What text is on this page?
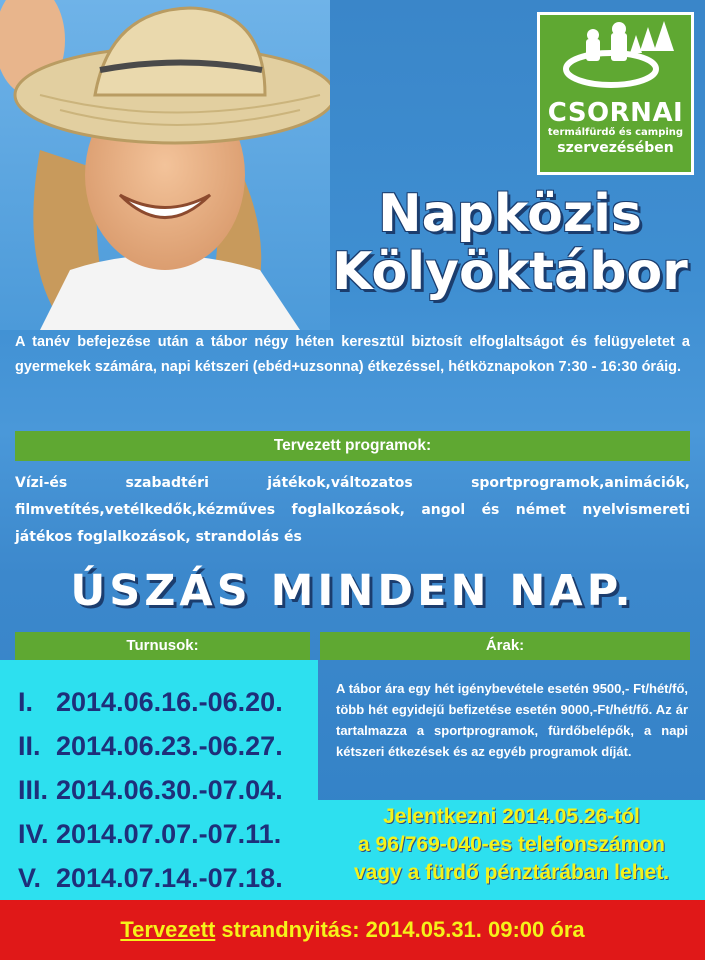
CSORNAI
termálfürdő és camping
szervezésében
Napközis
Kölyöktábor
A tanév befejezése után a tábor négy héten keresztül biztosít elfoglaltságot és felügyeletet a gyermekek számára, napi kétszeri (ebéd+uzsonna) étkezéssel, hétköznapokon 7:30 - 16:30 óráig.
Tervezett programok:
Vízi-és szabadtéri játékok,változatos sportprogramok,animációk, filmvetítés,vetélkedők,kézműves foglalkozások, angol és német nyelvismereti játékos foglalkozások, strandolás és
ÚSZÁS MINDEN NAP.
Turnusok:	Árak:
I. 2014.06.16.-06.20.
II. 2014.06.23.-06.27.
III. 2014.06.30.-07.04.
IV. 2014.07.07.-07.11.
V. 2014.07.14.-07.18.
A tábor ára egy hét igénybevétele esetén 9500,- Ft/hét/fő, több hét egyidejű befizetése esetén 9000,-Ft/hét/fő. Az ár tartalmazza a sportprogramok, fürdőbelépők, a napi kétszeri étkezések és az egyéb programok díját.
Jelentkezni 2014.05.26-tól
a 96/769-040-es telefonszámon
vagy a fürdő pénztárában lehet.
Tervezett strandnyitás: 2014.05.31. 09:00 óra
